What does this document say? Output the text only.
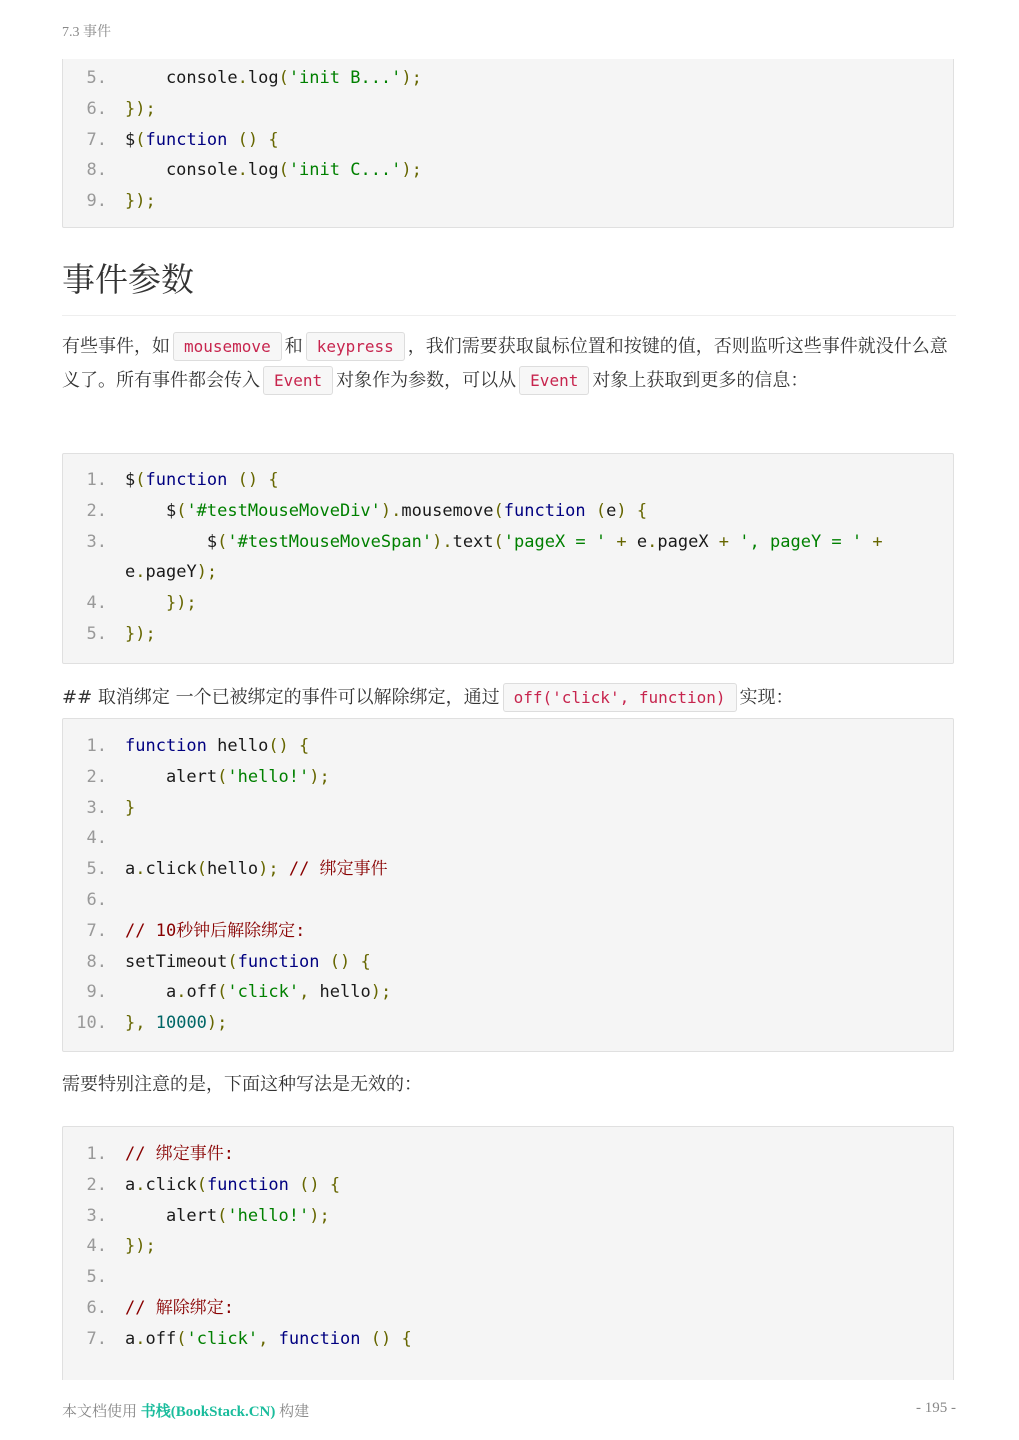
7.3 事件
5. console.log('init B...');
6. });
7. $(function () {
8. console.log('init C...');
9. });
事件参数
有些事件，如 mousemove 和 keypress ，我们需要获取鼠标位置和按键的值，否则监听这些事件就没什么意义了。所有事件都会传入 Event 对象作为参数，可以从 Event 对象上获取到更多的信息：
1. $(function () {
2. $('#testMouseMoveDiv').mousemove(function (e) {
3. $('#testMouseMoveSpan').text('pageX = ' + e.pageX + ', pageY = ' + e.pageY);
4.	});
5. });
## 取消绑定 一个已被绑定的事件可以解除绑定，通过 off('click', function) 实现：
1. function hello() {
2. alert('hello!');
3. }
4.

5. a.click(hello); // 绑定事件
6.

7. // 10秒钟后解除绑定:
8. setTimeout(function () {
9. a.off('click', hello);
10. }, 10000);
需要特别注意的是，下面这种写法是无效的：
1. // 绑定事件:
2. a.click(function () {
3. alert('hello!');
4. });
5.

6. // 解除绑定:
7. a.off('click', function () {
本文档使用 书栈(BookStack.CN) 构建	- 195 -
